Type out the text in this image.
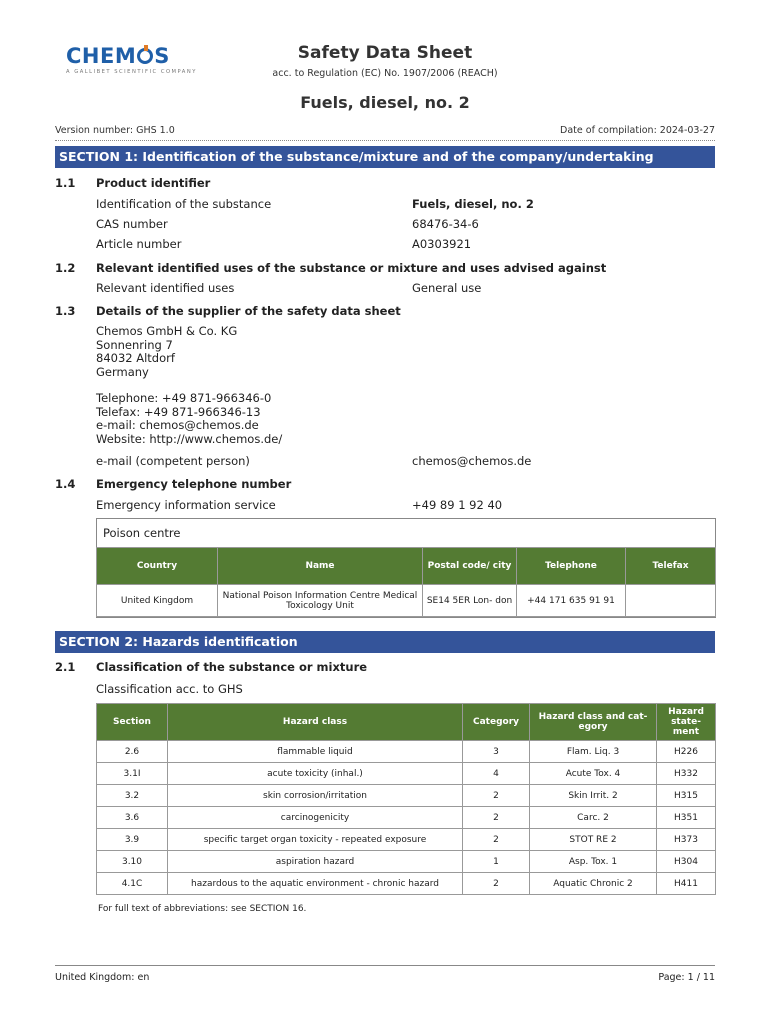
CHEM S
A GALLIBET SCIENTIFIC COMPANY
Safety Data Sheet
acc. to Regulation (EC) No. 1907/2006 (REACH)
Fuels, diesel, no. 2
Version number: GHS 1.0	Date of compilation: 2024-03-27
SECTION 1: Identification of the substance/mixture and of the company/undertaking
1.1 Product identifier
Identification of the substance	Fuels, diesel, no. 2
CAS number	68476-34-6
Article number	A0303921
1.2 Relevant identified uses of the substance or mixture and uses advised against
Relevant identified uses	General use
1.3 Details of the supplier of the safety data sheet
Chemos GmbH & Co. KG
Sonnenring 7
84032 Altdorf
Germany
Telephone: +49 871-966346-0
Telefax: +49 871-966346-13
e-mail: chemos@chemos.de
Website: http://www.chemos.de/
e-mail (competent person)	chemos@chemos.de
1.4 Emergency telephone number
Emergency information service	+49 89 1 92 40
Poison centre
Country	Name	Postal code/ city	Telephone	Telefax
United Kingdom	National Poison Information Centre Medical Toxicology Unit	SE14 5ER Lon- don	+44 171 635 91 91	
SECTION 2: Hazards identification
2.1 Classification of the substance or mixture
Classification acc. to GHS
Section	Hazard class	Category	Hazard class and cat- egory	Hazard state- ment
2.6	flammable liquid	3	Flam. Liq. 3	H226
3.1I	acute toxicity (inhal.)	4	Acute Tox. 4	H332
3.2	skin corrosion/irritation	2	Skin Irrit. 2	H315
3.6	carcinogenicity	2	Carc. 2	H351
3.9	specific target organ toxicity - repeated exposure	2	STOT RE 2	H373
3.10	aspiration hazard	1	Asp. Tox. 1	H304
4.1C	hazardous to the aquatic environment - chronic hazard	2	Aquatic Chronic 2	H411
For full text of abbreviations: see SECTION 16.
United Kingdom: en	Page: 1 / 11
